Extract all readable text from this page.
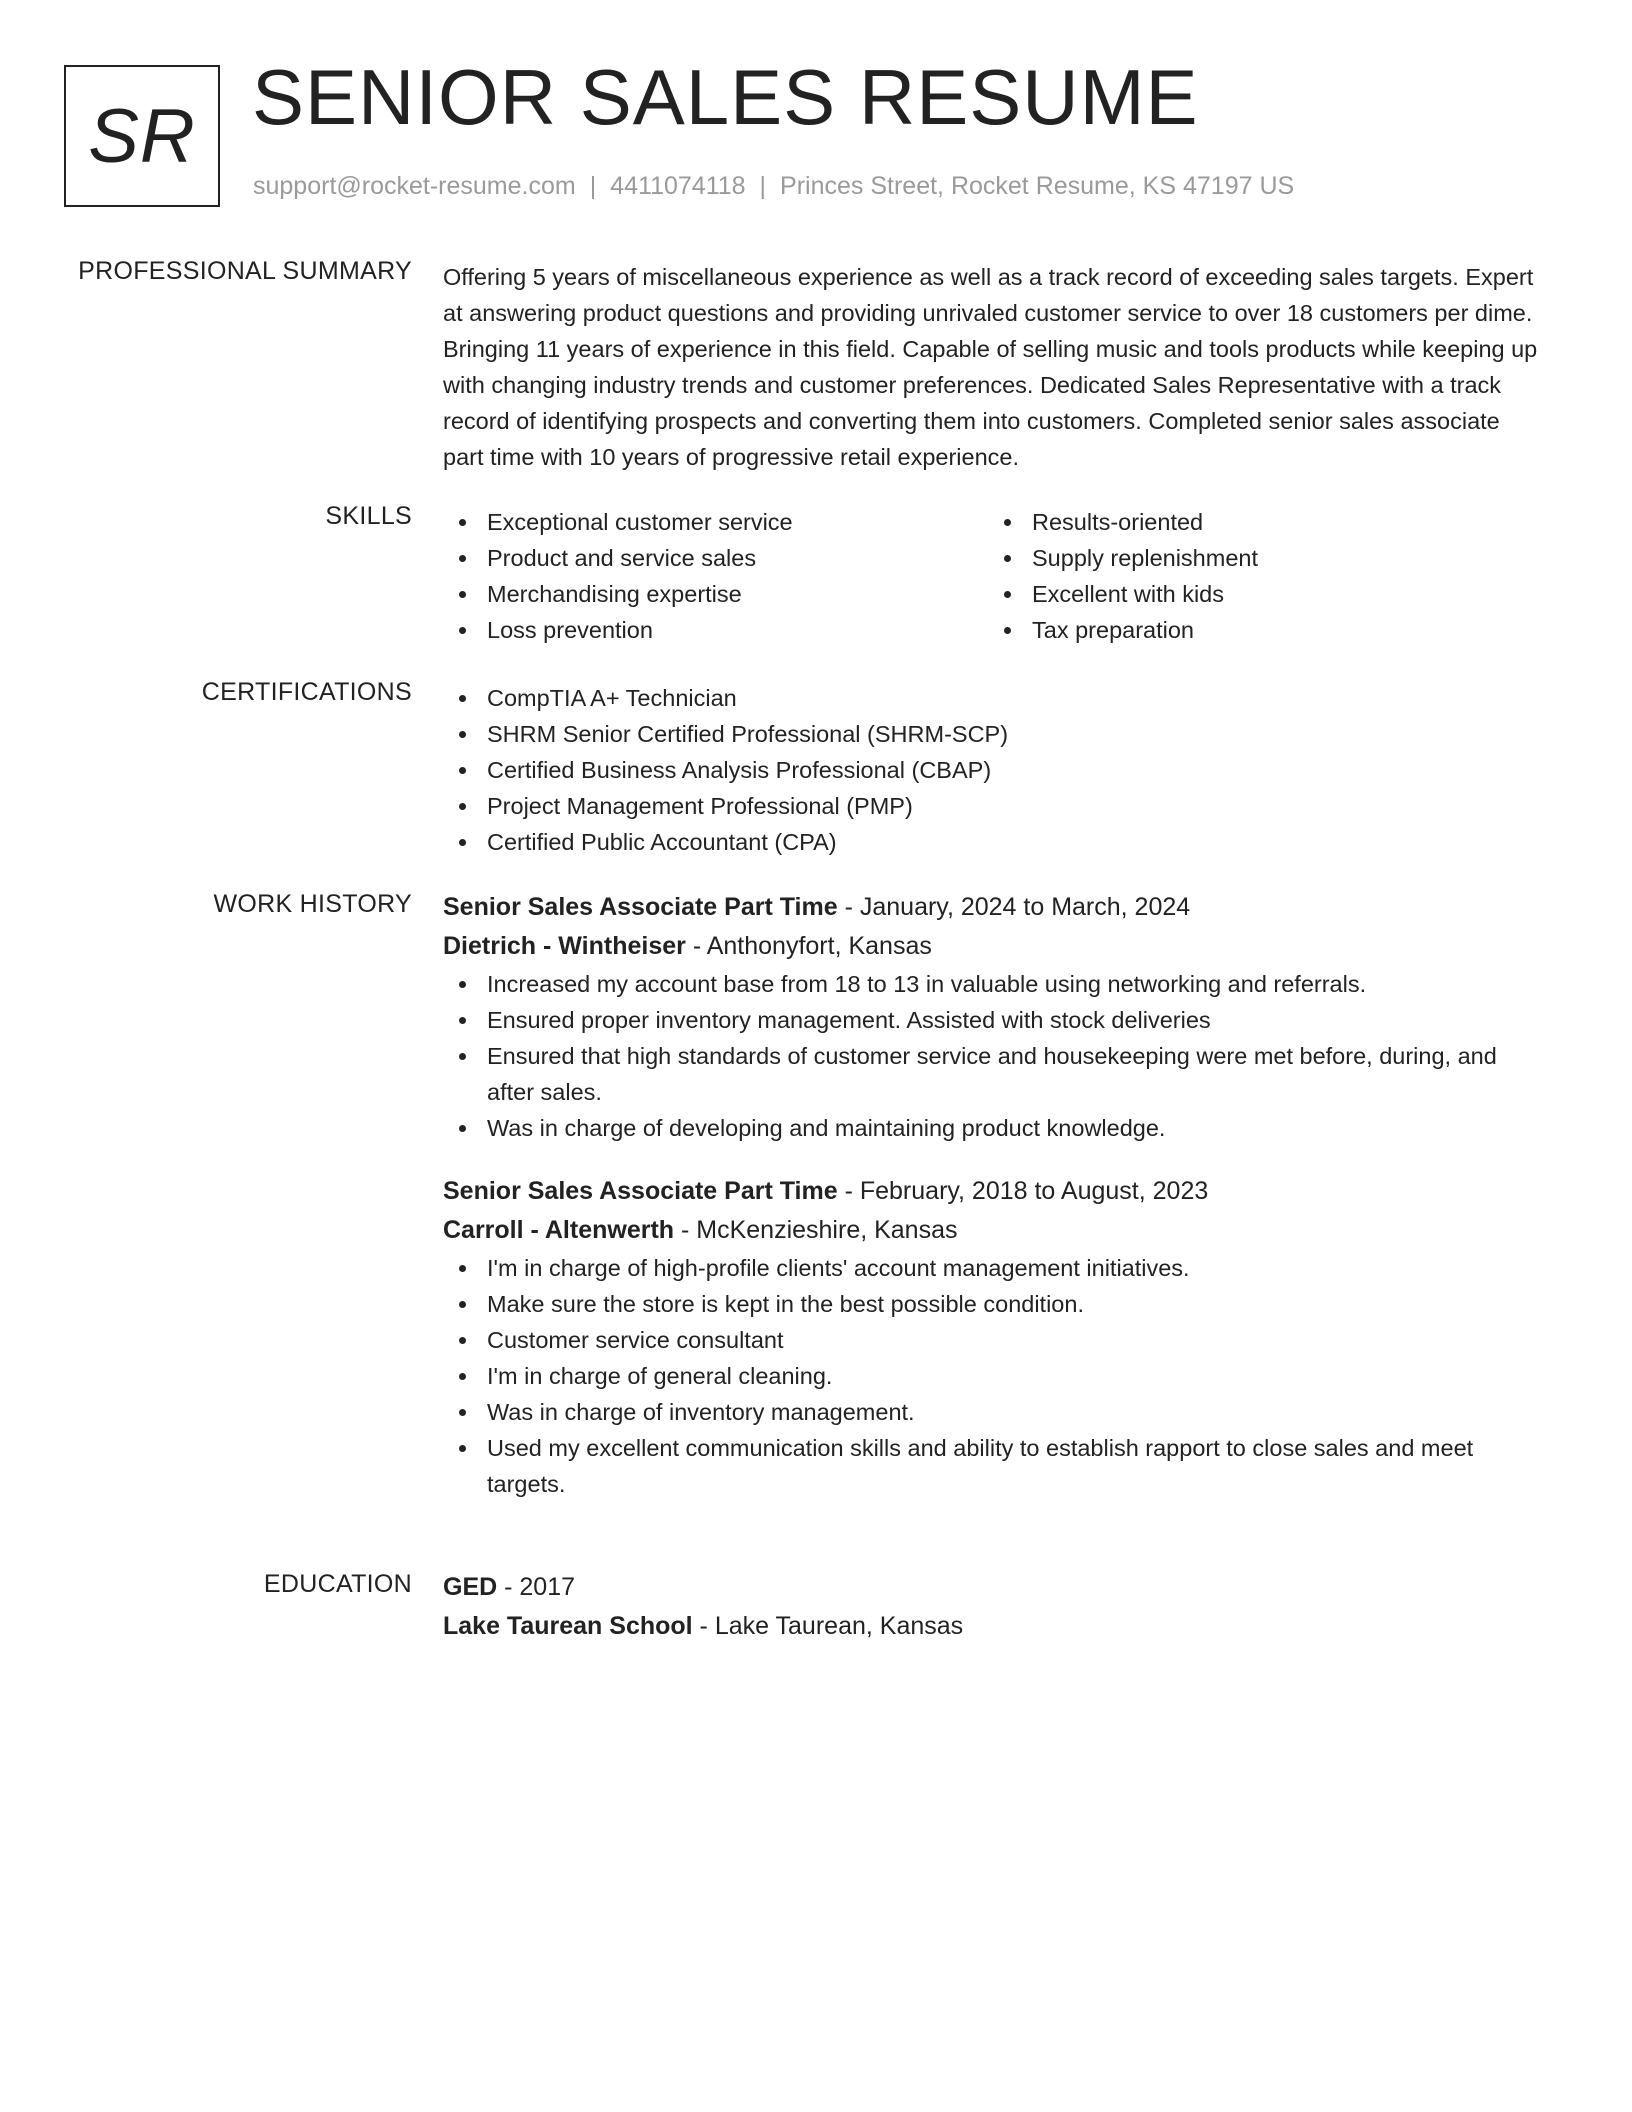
SR SENIOR SALES RESUME
support@rocket-resume.com | 4411074118 | Princes Street, Rocket Resume, KS 47197 US
PROFESSIONAL SUMMARY Offering 5 years of miscellaneous experience as well as a track record of exceeding sales targets. Expert at answering product questions and providing unrivaled customer service to over 18 customers per dime. Bringing 11 years of experience in this field. Capable of selling music and tools products while keeping up with changing industry trends and customer preferences. Dedicated Sales Representative with a track record of identifying prospects and converting them into customers. Completed senior sales associate part time with 10 years of progressive retail experience.

SKILLS	Exceptional customer service
Product and service sales
Merchandising expertise
Loss prevention
Results-oriented
Supply replenishment
Excellent with kids
Tax preparation
CERTIFICATIONS	CompTIA A+ Technician
SHRM Senior Certified Professional (SHRM-SCP)
Certified Business Analysis Professional (CBAP)
Project Management Professional (PMP)
Certified Public Accountant (CPA)
WORK HISTORY Senior Sales Associate Part Time - January, 2024 to March, 2024
Dietrich - Wintheiser - Anthonyfort, Kansas
Increased my account base from 18 to 13 in valuable using networking and referrals.
Ensured proper inventory management. Assisted with stock deliveries
Ensured that high standards of customer service and housekeeping were met before, during, and after sales.
Was in charge of developing and maintaining product knowledge.
Senior Sales Associate Part Time - February, 2018 to August, 2023
Carroll - Altenwerth - McKenzieshire, Kansas
I'm in charge of high-profile clients' account management initiatives.
Make sure the store is kept in the best possible condition.
Customer service consultant
I'm in charge of general cleaning.
Was in charge of inventory management.
Used my excellent communication skills and ability to establish rapport to close sales and meet targets.
EDUCATION GED - 2017
Lake Taurean School - Lake Taurean, Kansas
